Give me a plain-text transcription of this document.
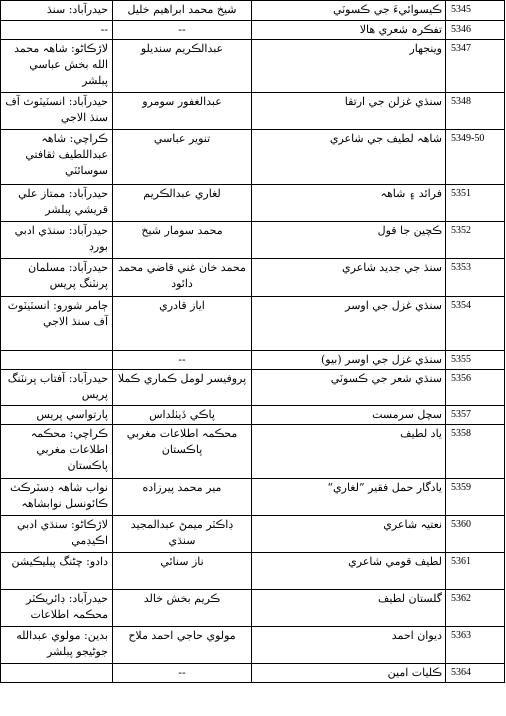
حيدرآباد: سنڌ	شيخ محمد ابراهيم خليل	ڪيسوائيءَ جي ڪسوٽي	5345
--	--	تفڪرہ شعري هالا	5346
لاڙڪاڻو: شاهہ محمد الله بخش عباسي پبلشر	عبدالڪريم سنديلو	وينجهار	5347
حيدرآباد: انسٽيٽوٽ آف سنڌ الاجي	عبدالغفور سومرو	سنڌي غزلن جي ارتقا	5348
ڪراچي: شاهہ عبداللطيف ثقافتي سوسائٽي	تنوير عباسي	شاهہ لطيف جي شاعري	5349-50
حيدرآباد: ممتاز علي قريشي پبلشر	لغاري عبدالڪريم	فرائد ۽ شاهہ	5351
حيدرآباد: سنڌي ادبي بورڊ	محمد سومار شيخ	ڪچين جا قول	5352
حيدرآباد: مسلمان پرنٽنگ پريس	محمد خان غني قاضي محمد دائود	سنڌ جي جديد شاعري	5353
ڄامر شورو: انسٽيٽوٽ آف سنڌ الاجي	اياز قادري	سنڌي غزل جي اوسر	5354
	--	سنڌي غزل جي اوسر (بيو)	5355
حيدرآباد: آفتاب پرنٽنگ پريس	پروفيسر لومل ڪماري ڪملا	سنڌي شعر جي ڪسوٽي	5356
پارتواسي پريس	پاڪي ڏيٺلداس	سچل سرمست	5357
ڪراچي: محڪمہ اطلاعات مغربي پاڪستان	محڪمہ اطلاعات مغربي پاڪستان	ياد لطيف	5358
نواب شاهہ ڊسٽرڪٽ ڪائونسل نوابشاهہ	مير محمد پيرزاده	يادگار حمل فقير ”لغاري“	5359
لاڙڪاڻو: سنڌي ادبي اڪيڊمي	ڊاڪٽر ميمڻ عبدالمجيد سنڌي	نعتيہ شاعري	5360
دادو: چڻنگ پبليڪيشن	ناز سنائي	لطيف قومي شاعري	5361
حيدرآباد: ڊائريڪٽر محڪمہ اطلاعات	ڪريم بخش خالد	گلستان لطيف	5362
بدين: مولوي عبدالله جوڻيجو پبلشر	مولوي حاجي احمد ملاح	ديوان احمد	5363
	--	ڪليات امين	5364
